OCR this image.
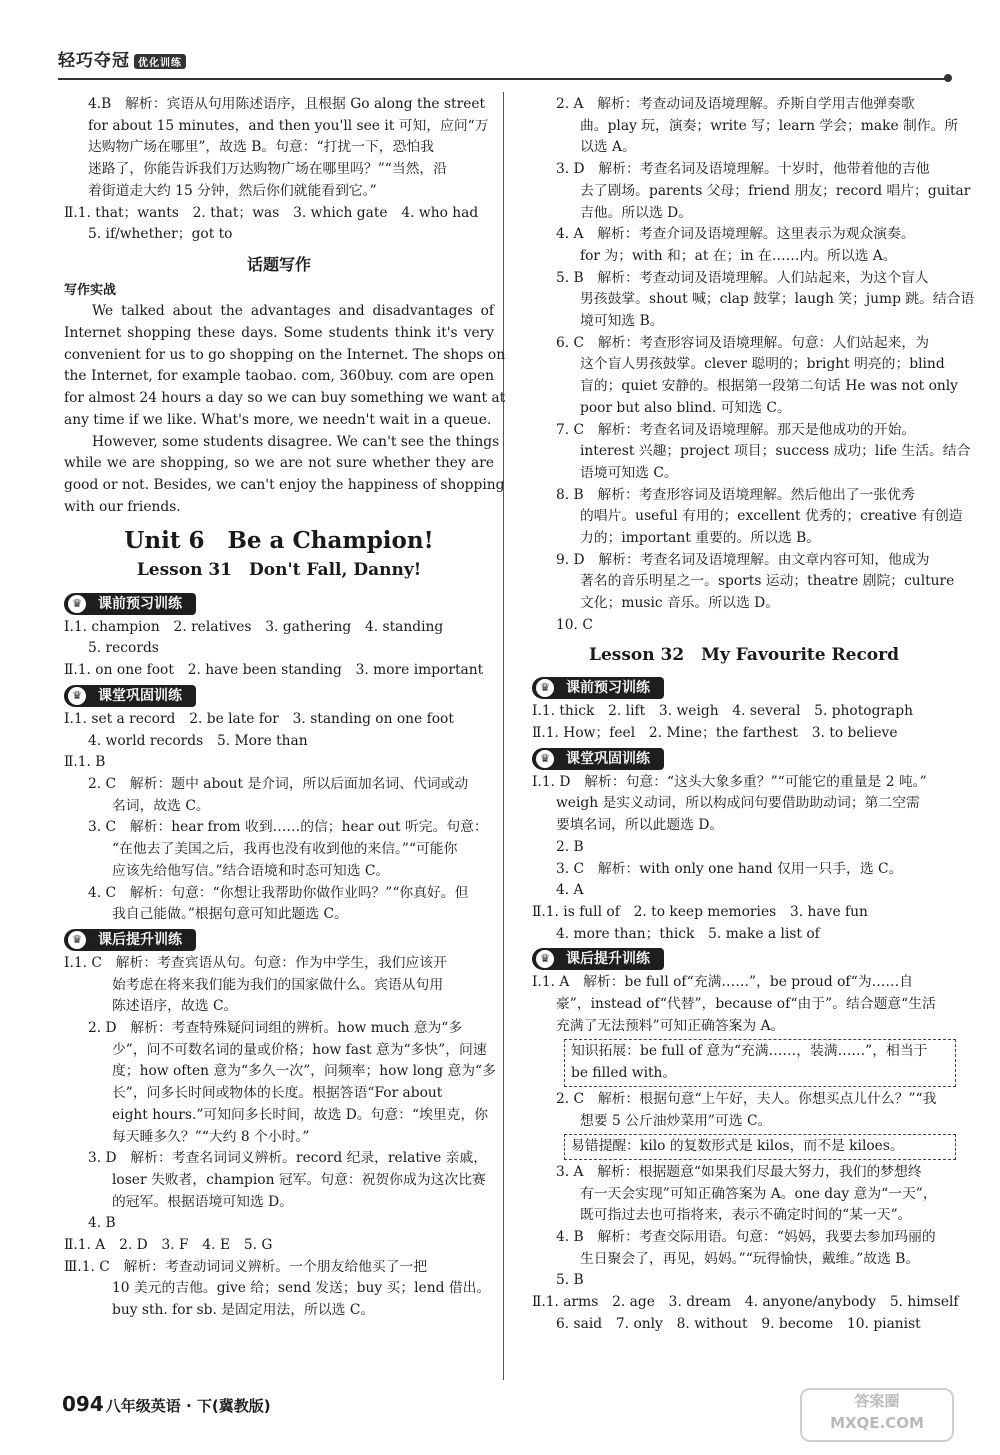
轻巧夺冠 优化训练
4.B　解析：宾语从句用陈述语序，且根据 Go along the street
for about 15 minutes，and then you'll see it 可知，应问“万
达购物广场在哪里”，故选 B。句意：“打扰一下，恐怕我
迷路了，你能告诉我们万达购物广场在哪里吗？”“当然，沿
着街道走大约 15 分钟，然后你们就能看到它。”
Ⅱ.1. that；wants　2. that；was　3. which gate　4. who had
5. if/whether；got to
话题写作
写作实战
We talked about the advantages and disadvantages of
Internet shopping these days. Some students think it's very
convenient for us to go shopping on the Internet. The shops on
the Internet, for example taobao. com, 360buy. com are open
for almost 24 hours a day so we can buy something we want at
any time if we like. What's more, we needn't wait in a queue.
However, some students disagree. We can't see the things
while we are shopping, so we are not sure whether they are
good or not. Besides, we can't enjoy the happiness of shopping
with our friends.
Unit 6　Be a Champion!
Lesson 31　Don't Fall, Danny!
♛ 课前预习训练
Ⅰ.1. champion　2. relatives　3. gathering　4. standing
5. records
Ⅱ.1. on one foot　2. have been standing　3. more important
♛ 课堂巩固训练
Ⅰ.1. set a record　2. be late for　3. standing on one foot
4. world records　5. More than
Ⅱ.1. B
2. C　解析：题中 about 是介词，所以后面加名词、代词或动
名词，故选 C。
3. C　解析：hear from 收到……的信；hear out 听完。句意：
“在他去了美国之后，我再也没有收到他的来信。”“可能你
应该先给他写信。”结合语境和时态可知选 C。
4. C　解析：句意：“你想让我帮助你做作业吗？”“你真好。但
我自己能做。”根据句意可知此题选 C。
♛ 课后提升训练
Ⅰ.1. C　解析：考查宾语从句。句意：作为中学生，我们应该开
始考虑在将来我们能为我们的国家做什么。宾语从句用
陈述语序，故选 C。
2. D　解析：考查特殊疑问词组的辨析。how much 意为“多
少”，问不可数名词的量或价格；how fast 意为“多快”，问速
度；how often 意为“多久一次”，问频率；how long 意为“多
长”，问多长时间或物体的长度。根据答语“For about
eight hours.”可知问多长时间，故选 D。句意：“埃里克，你
每天睡多久？”“大约 8 个小时。”
3. D　解析：考查名词词义辨析。record 纪录，relative 亲戚，
loser 失败者，champion 冠军。句意：祝贺你成为这次比赛
的冠军。根据语境可知选 D。
4. B
Ⅱ.1. A　2. D　3. F　4. E　5. G
Ⅲ.1. C　解析：考查动词词义辨析。一个朋友给他买了一把
10 美元的吉他。give 给；send 发送；buy 买；lend 借出。
buy sth. for sb. 是固定用法，所以选 C。
2. A　解析：考查动词及语境理解。乔斯自学用吉他弹奏歌
曲。play 玩，演奏；write 写；learn 学会；make 制作。所
以选 A。
3. D　解析：考查名词及语境理解。十岁时，他带着他的吉他
去了剧场。parents 父母；friend 朋友；record 唱片；guitar
吉他。所以选 D。
4. A　解析：考查介词及语境理解。这里表示为观众演奏。
for 为；with 和；at 在；in 在……内。所以选 A。
5. B　解析：考查动词及语境理解。人们站起来，为这个盲人
男孩鼓掌。shout 喊；clap 鼓掌；laugh 笑；jump 跳。结合语
境可知选 B。
6. C　解析：考查形容词及语境理解。句意：人们站起来，为
这个盲人男孩鼓掌。clever 聪明的；bright 明亮的；blind
盲的；quiet 安静的。根据第一段第二句话 He was not only
poor but also blind. 可知选 C。
7. C　解析：考查名词及语境理解。那天是他成功的开始。
interest 兴趣；project 项目；success 成功；life 生活。结合
语境可知选 C。
8. B　解析：考查形容词及语境理解。然后他出了一张优秀
的唱片。useful 有用的；excellent 优秀的；creative 有创造
力的；important 重要的。所以选 B。
9. D　解析：考查名词及语境理解。由文章内容可知，他成为
著名的音乐明星之一。sports 运动；theatre 剧院；culture
文化；music 音乐。所以选 D。
10. C
Lesson 32　My Favourite Record
♛ 课前预习训练
Ⅰ.1. thick　2. lift　3. weigh　4. several　5. photograph
Ⅱ.1. How；feel　2. Mine；the farthest　3. to believe
♛ 课堂巩固训练
Ⅰ.1. D　解析：句意：“这头大象多重？”“可能它的重量是 2 吨。”
weigh 是实义动词，所以构成问句要借助助动词；第二空需
要填名词，所以此题选 D。
2. B
3. C　解析：with only one hand 仅用一只手，选 C。
4. A
Ⅱ.1. is full of　2. to keep memories　3. have fun
4. more than；thick　5. make a list of
♛ 课后提升训练
Ⅰ.1. A　解析：be full of“充满……”，be proud of“为……自
豪”，instead of“代替”，because of“由于”。结合题意“生活
充满了无法预料”可知正确答案为 A。
知识拓展：be full of 意为“充满……，装满……”，相当于
be filled with。
2. C　解析：根据句意“上午好，夫人。你想买点儿什么？”“我
想要 5 公斤油炒菜用”可选 C。
易错提醒：kilo 的复数形式是 kilos，而不是 kiloes。
3. A　解析：根据题意“如果我们尽最大努力，我们的梦想终
有一天会实现”可知正确答案为 A。one day 意为“一天”，
既可指过去也可指将来，表示不确定时间的“某一天”。
4. B　解析：考查交际用语。句意：“妈妈，我要去参加玛丽的
生日聚会了，再见，妈妈。”“玩得愉快，戴维。”故选 B。
5. B
Ⅱ.1. arms　2. age　3. dream　4. anyone/anybody　5. himself
6. said　7. only　8. without　9. become　10. pianist
094 八年级英语 · 下(冀教版)	答案圈
MXQE.COM
